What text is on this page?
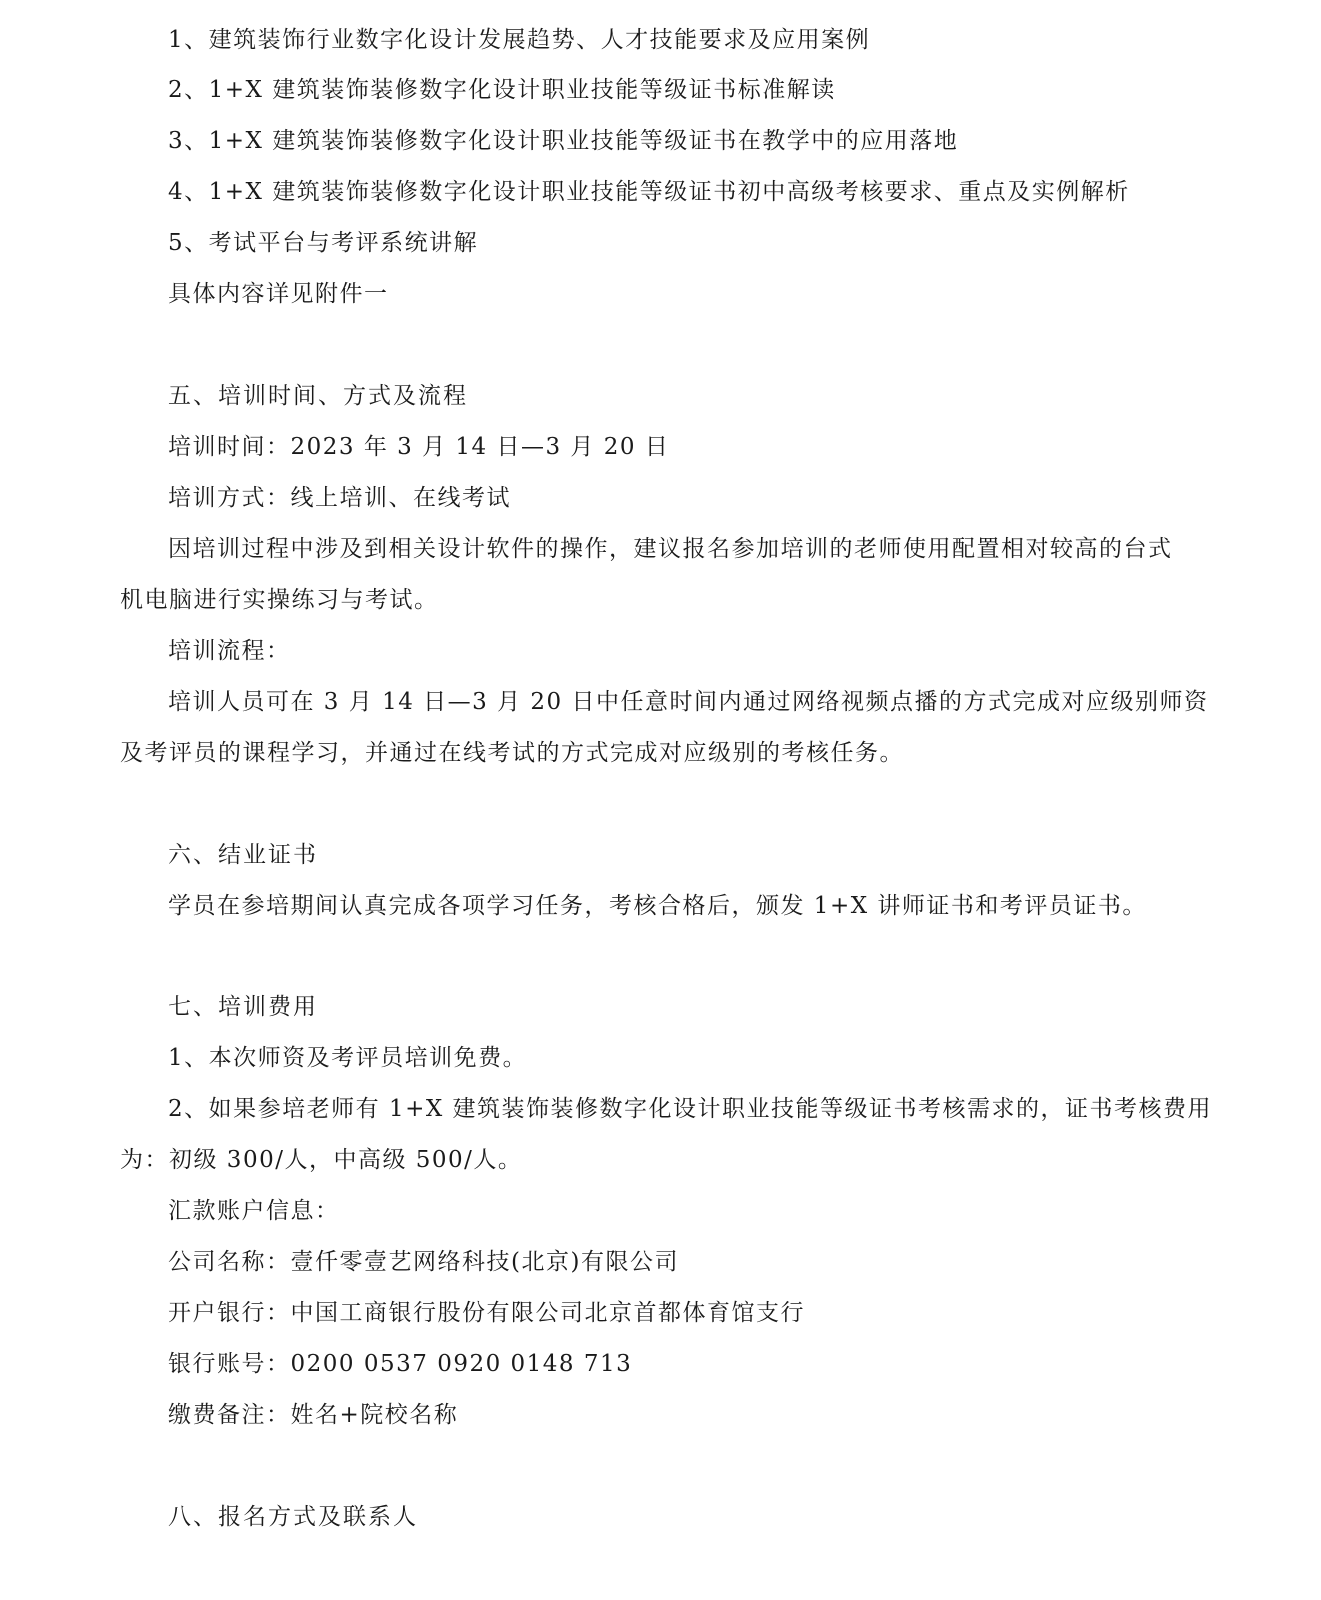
1、建筑装饰行业数字化设计发展趋势、人才技能要求及应用案例

2、1+X 建筑装饰装修数字化设计职业技能等级证书标准解读

3、1+X 建筑装饰装修数字化设计职业技能等级证书在教学中的应用落地

4、1+X 建筑装饰装修数字化设计职业技能等级证书初中高级考核要求、重点及实例解析

5、考试平台与考评系统讲解

具体内容详见附件一

五、培训时间、方式及流程

培训时间：2023 年 3 月 14 日—3 月 20 日

培训方式：线上培训、在线考试

因培训过程中涉及到相关设计软件的操作，建议报名参加培训的老师使用配置相对较高的台式

机电脑进行实操练习与考试。

培训流程：

培训人员可在 3 月 14 日—3 月 20 日中任意时间内通过网络视频点播的方式完成对应级别师资

及考评员的课程学习，并通过在线考试的方式完成对应级别的考核任务。

六、结业证书

学员在参培期间认真完成各项学习任务，考核合格后，颁发 1+X 讲师证书和考评员证书。

七、培训费用

1、本次师资及考评员培训免费。

2、如果参培老师有 1+X 建筑装饰装修数字化设计职业技能等级证书考核需求的，证书考核费用

为：初级 300/人，中高级 500/人。

汇款账户信息：

公司名称：壹仟零壹艺网络科技(北京)有限公司

开户银行：中国工商银行股份有限公司北京首都体育馆支行

银行账号：0200 0537 0920 0148 713

缴费备注：姓名+院校名称

八、报名方式及联系人
